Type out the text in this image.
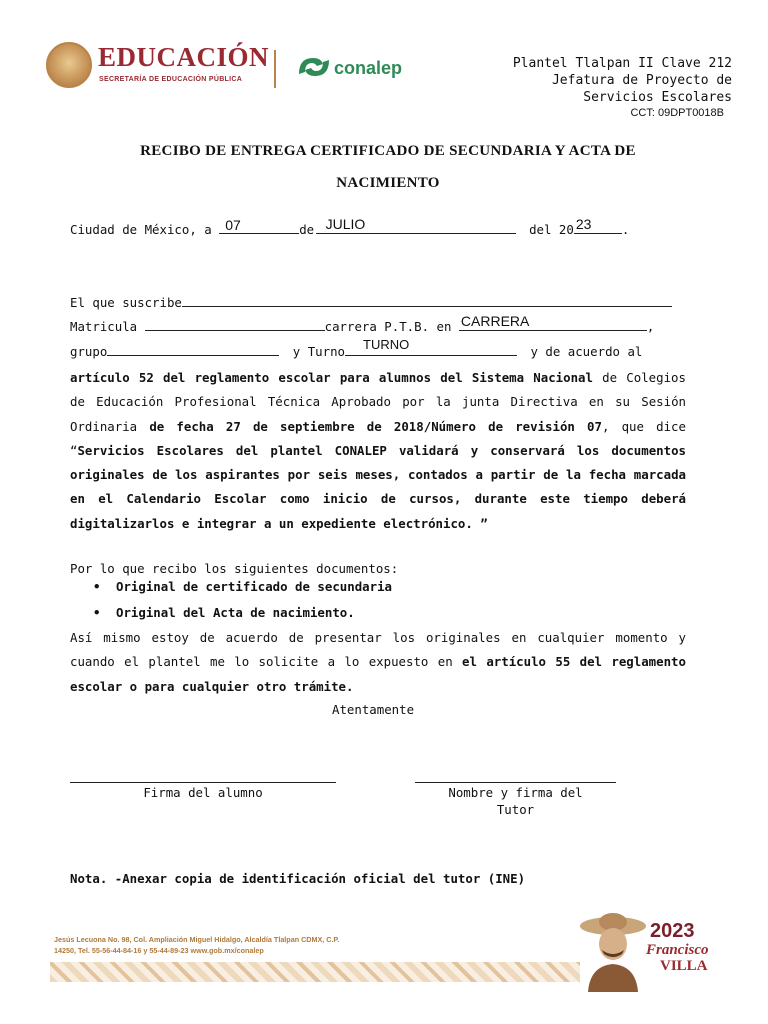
EDUCACIÓN
SECRETARÍA DE EDUCACIÓN PÚBLICA
conalep	Plantel Tlalpan II Clave 212
Jefatura de Proyecto de
Servicios Escolares
CCT: 09DPT0018B
RECIBO DE ENTREGA CERTIFICADO DE SECUNDARIA Y ACTA DE
NACIMIENTO
Ciudad de México, a 07	de JULIO	del 20 23 .
El que suscribe
Matricula	carrera P.T.B. en CARRERA	,
grupo	y Turno TURNO	y de acuerdo al
artículo 52 del reglamento escolar para alumnos del Sistema Nacional de Colegios de Educación Profesional Técnica Aprobado por la junta Directiva en su Sesión Ordinaria de fecha 27 de septiembre de 2018/Número de revisión 07, que dice “Servicios Escolares del plantel CONALEP validará y conservará los documentos originales de los aspirantes por seis meses, contados a partir de la fecha marcada en el Calendario Escolar como inicio de cursos, durante este tiempo deberá digitalizarlos e integrar a un expediente electrónico. ”
Por lo que recibo los siguientes documentos:
• Original de certificado de secundaria
• Original del Acta de nacimiento.
Así mismo estoy de acuerdo de presentar los originales en cualquier momento y cuando el plantel me lo solicite a lo expuesto en el artículo 55 del reglamento escolar o para cualquier otro trámite.
Atentamente
Firma del alumno	Nombre y firma del
Tutor
Nota. -Anexar copia de identificación oficial del tutor (INE)
Jesús Lecuona No. 98, Col. Ampliación Miguel Hidalgo, Alcaldía Tlalpan CDMX, C.P.
14250, Tel. 55-56-44-84-16 y 55-44-89-23 www.gob.mx/conalep
2023
Francisco
VILLA
